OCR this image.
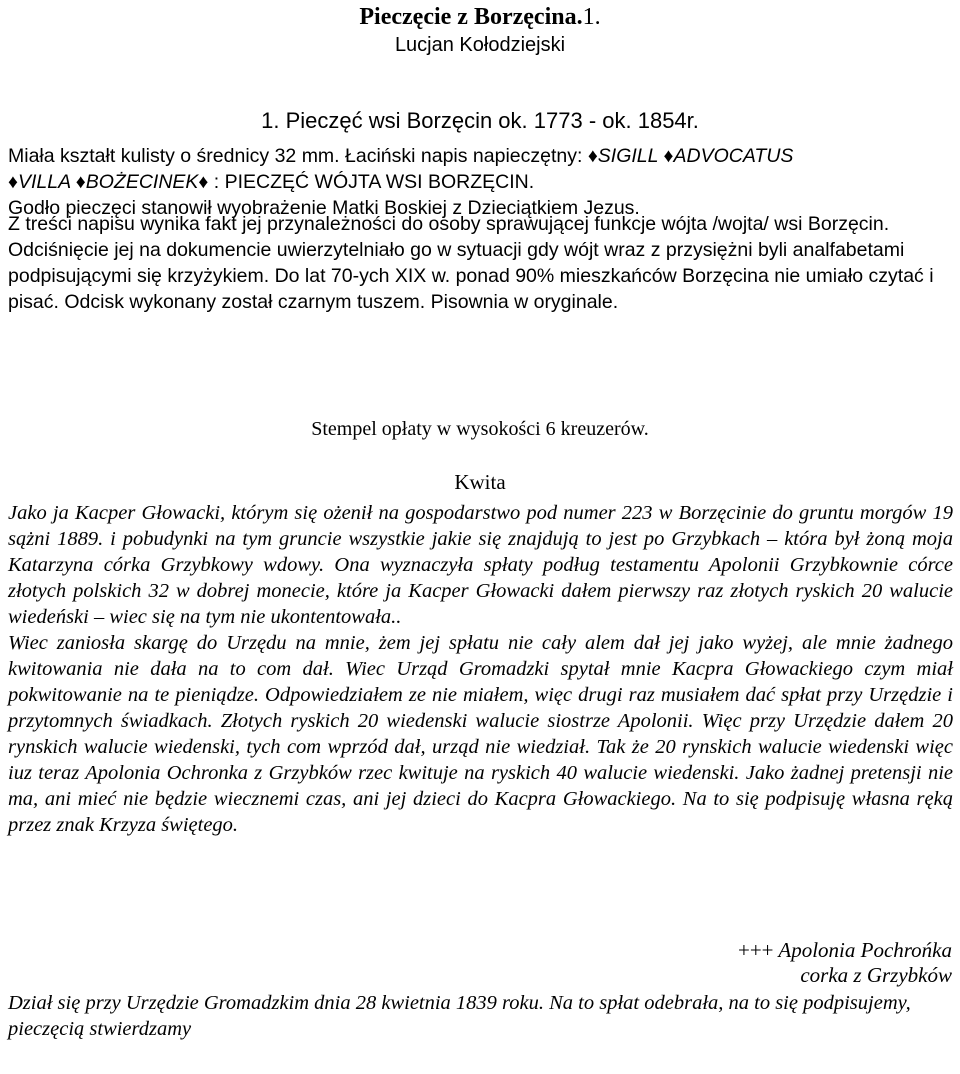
Pieczęcie z Borzęcina.1.
Lucjan Kołodziejski
1. Pieczęć wsi Borzęcin ok. 1773 - ok. 1854r.
Miała kształt kulisty o średnicy 32 mm. Łaciński napis napieczętny: ♦SIGILL ♦ADVOCATUS
♦VILLA ♦BOŻECINEK♦ : PIECZĘĆ WÓJTA WSI BORZĘCIN.
Godło pieczęci stanowił wyobrażenie Matki Boskiej z Dzieciątkiem Jezus.

Z treści napisu wynika fakt jej przynależności do osoby sprawującej funkcje wójta /wojta/ wsi Borzęcin. Odciśnięcie jej na dokumencie uwierzytelniało go w sytuacji gdy wójt wraz z przysiężni byli analfabetami podpisującymi się krzyżykiem. Do lat 70-ych XIX w. ponad 90% mieszkańców Borzęcina nie umiało czytać i pisać. Odcisk wykonany został czarnym tuszem. Pisownia w oryginale.

Stempel opłaty w wysokości 6 kreuzerów.
Kwita

Jako ja Kacper Głowacki, którym się ożenił na gospodarstwo pod numer 223 w Borzęcinie do gruntu morgów 19 sążni 1889. i pobudynki na tym gruncie wszystkie jakie się znajdują to jest po Grzybkach – która był żoną moja Katarzyna córka Grzybkowy wdowy. Ona wyznaczyła spłaty podług testamentu Apolonii Grzybkownie córce złotych polskich 32 w dobrej monecie, które ja Kacper Głowacki dałem pierwszy raz złotych ryskich 20 walucie wiedeński – wiec się na tym nie ukontentowała..

Wiec zaniosła skargę do Urzędu na mnie, żem jej spłatu nie cały alem dał jej jako wyżej, ale mnie żadnego kwitowania nie dała na to com dał. Wiec Urząd Gromadzki spytał mnie Kacpra Głowackiego czym miał pokwitowanie na te pieniądze. Odpowiedziałem ze nie miałem, więc drugi raz musiałem dać spłat przy Urzędzie i przytomnych świadkach. Złotych ryskich 20 wiedenski walucie siostrze Apolonii. Więc przy Urzędzie dałem 20 rynskich walucie wiedenski, tych com wprzód dał, urząd nie wiedział. Tak że 20 rynskich walucie wiedenski więc iuz teraz Apolonia Ochronka z Grzybków rzec kwituje na ryskich 40 walucie wiedenski. Jako żadnej pretensji nie ma, ani mieć nie będzie wiecznemi czas, ani jej dzieci do Kacpra Głowackiego. Na to się podpisuję własna ręką przez znak Krzyza świętego.

+++ Apolonia Pochrońka
corka z Grzybków

Dział się przy Urzędzie Gromadzkim dnia 28 kwietnia 1839 roku. Na to spłat odebrała, na to się podpisujemy,

pieczęcią stwierdzamy
